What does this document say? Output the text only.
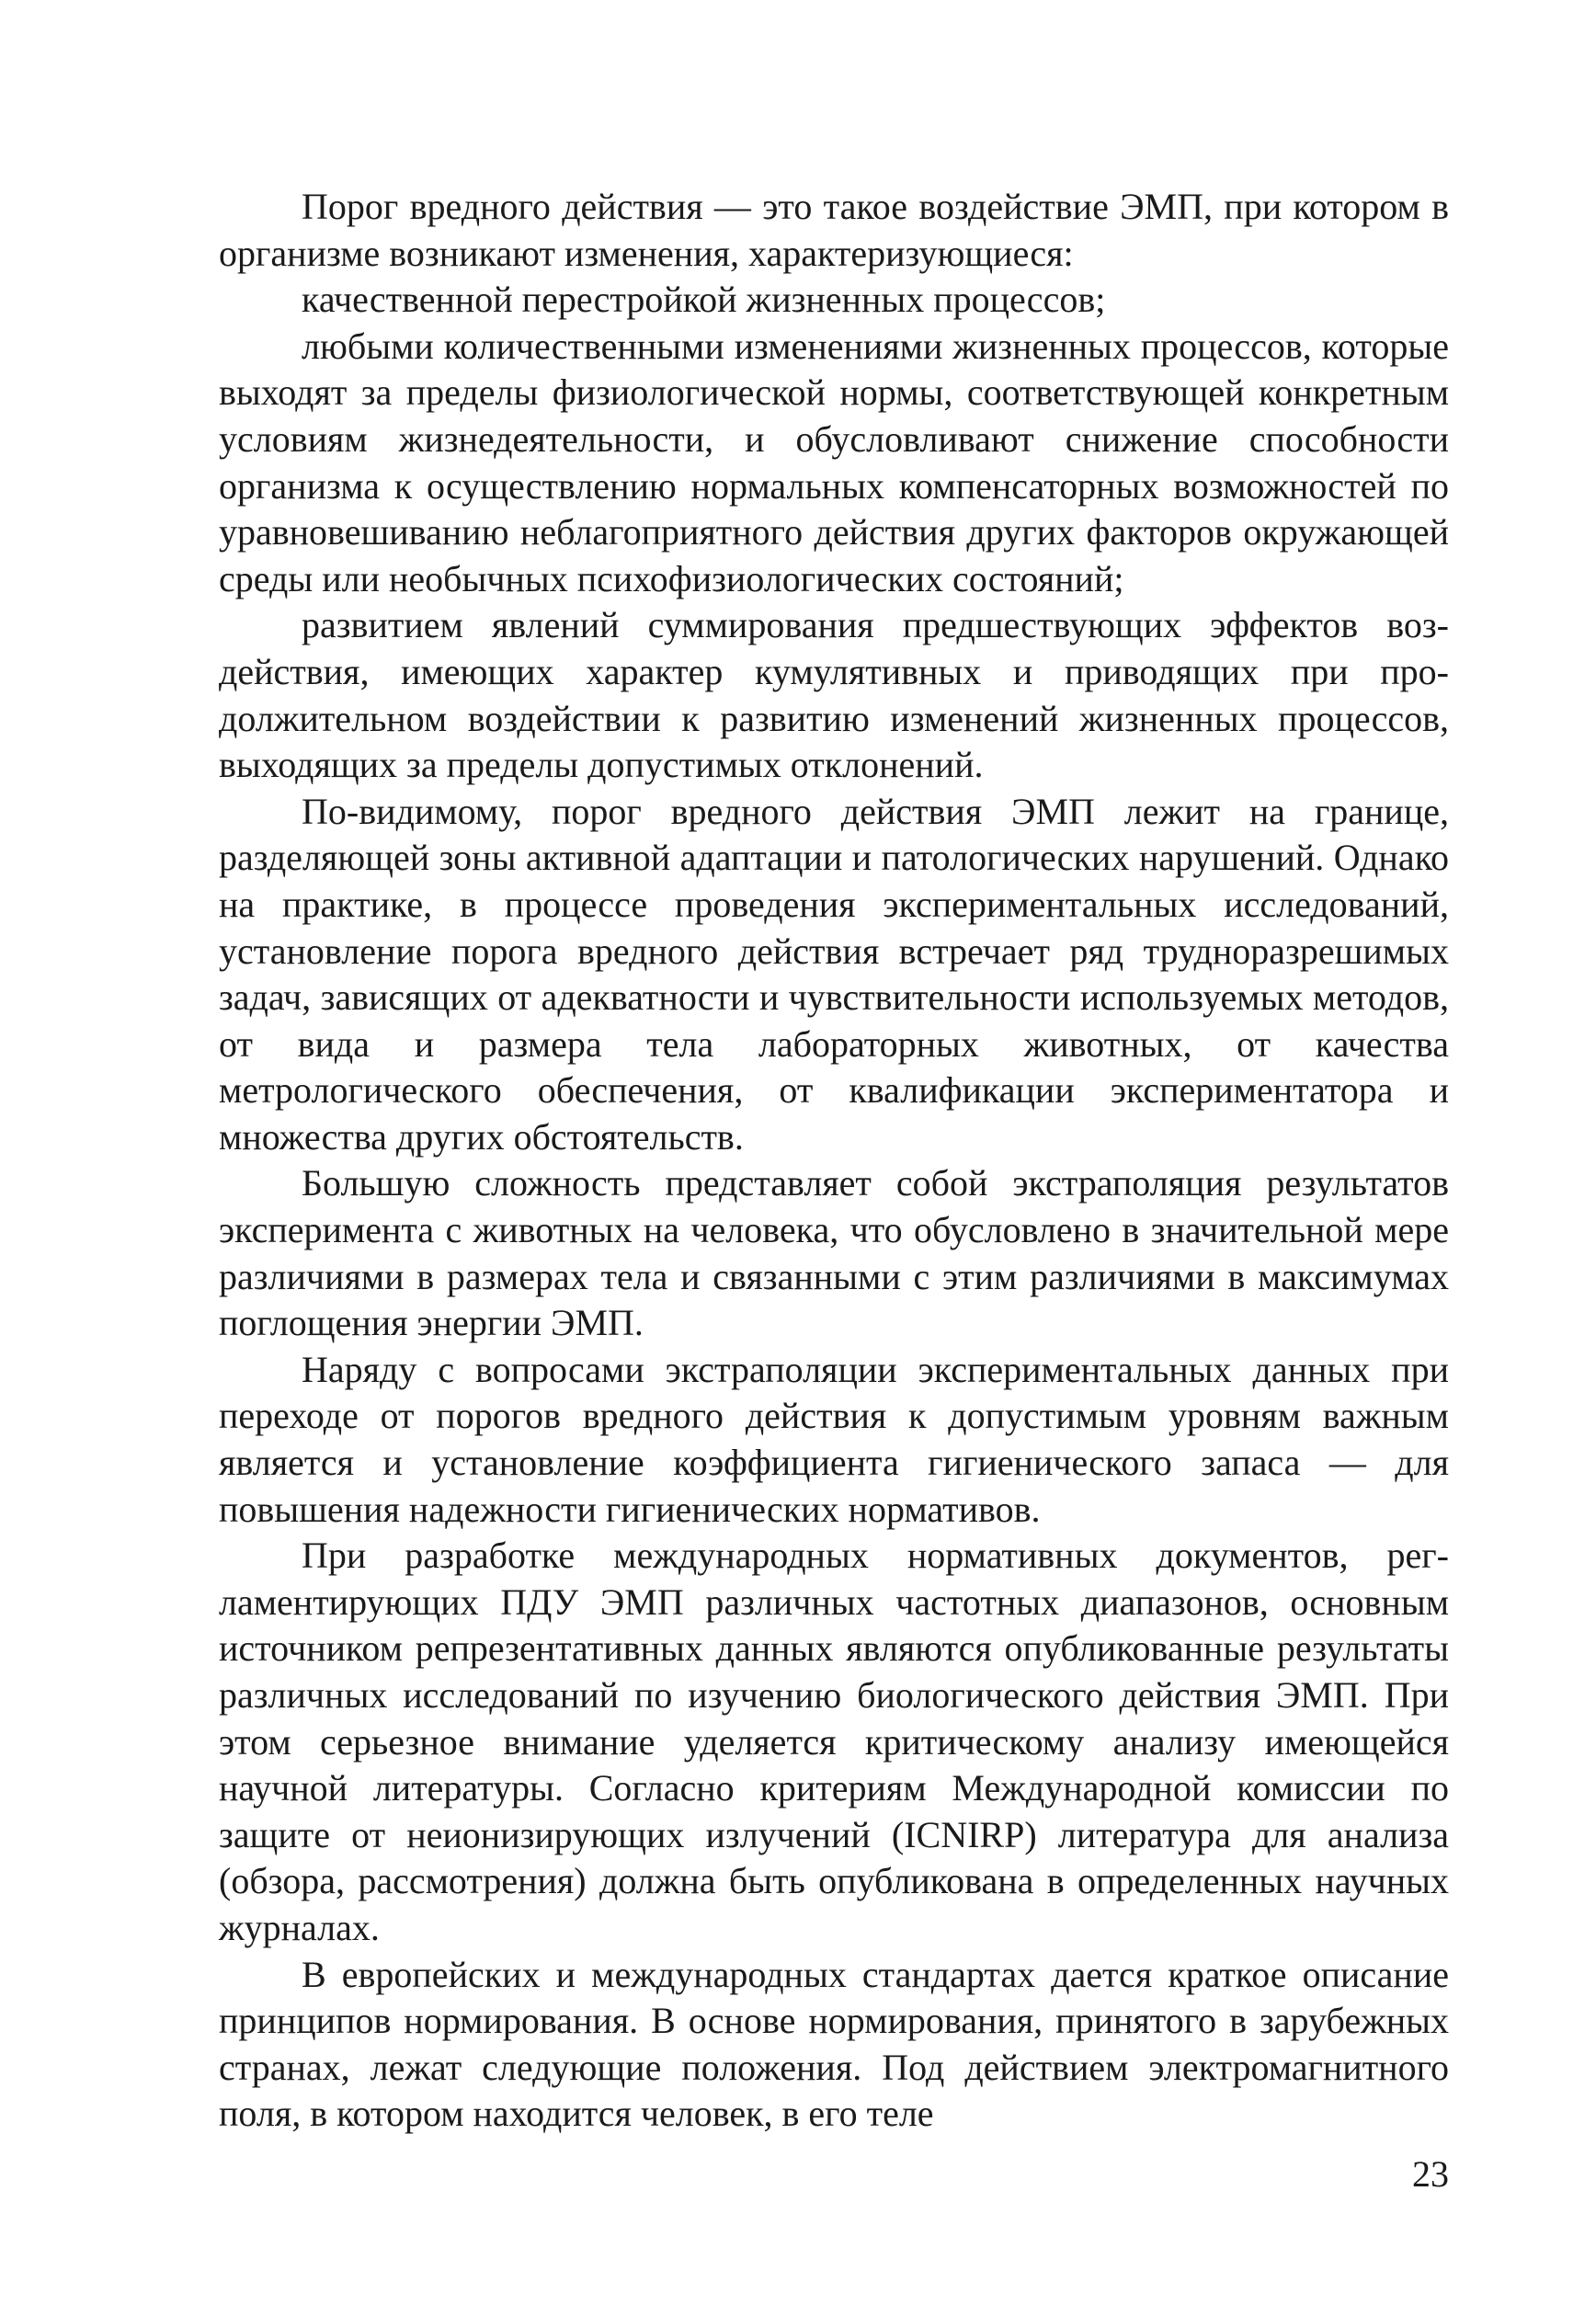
Порог вредного действия — это такое воздействие ЭМП, при котором в организме возникают изменения, характеризующиеся:

качественной перестройкой жизненных процессов;

любыми количественными изменениями жизненных процессов, которые выходят за пределы физиологической нормы, соответствующей конкретным условиям жизнедеятельности, и обусловливают снижение способности организма к осуществлению нормальных компенсаторных возможностей по уравновешиванию неблагоприятного действия других факторов окружающей среды или необычных психофизиологических состояний;

развитием явлений суммирования предшествующих эффектов воздействия, имеющих характер кумулятивных и приводящих при продолжительном воздействии к развитию изменений жизненных процессов, выходящих за пределы допустимых отклонений.

По-видимому, порог вредного действия ЭМП лежит на границе, разделяющей зоны активной адаптации и патологических нарушений. Однако на практике, в процессе проведения экспериментальных исследований, установление порога вредного действия встречает ряд трудноразрешимых задач, зависящих от адекватности и чувствительности используемых методов, от вида и размера тела лабораторных животных, от качества метрологического обеспечения, от квалификации экспериментатора и множества других обстоятельств.

Большую сложность представляет собой экстраполяция результатов эксперимента с животных на человека, что обусловлено в значительной мере различиями в размерах тела и связанными с этим различиями в максимумах поглощения энергии ЭМП.

Наряду с вопросами экстраполяции экспериментальных данных при переходе от порогов вредного действия к допустимым уровням важным является и установление коэффициента гигиенического запаса — для повышения надежности гигиенических нормативов.

При разработке международных нормативных документов, регламентирующих ПДУ ЭМП различных частотных диапазонов, основным источником репрезентативных данных являются опубликованные результаты различных исследований по изучению биологического действия ЭМП. При этом серьезное внимание уделяется критическому анализу имеющейся научной литературы. Согласно критериям Международной комиссии по защите от неионизирующих излучений (ICNIRP) литература для анализа (обзора, рассмотрения) должна быть опубликована в определенных научных журналах.

В европейских и международных стандартах дается краткое описание принципов нормирования. В основе нормирования, принятого в зарубежных странах, лежат следующие положения. Под действием электромагнитного поля, в котором находится человек, в его теле

23
